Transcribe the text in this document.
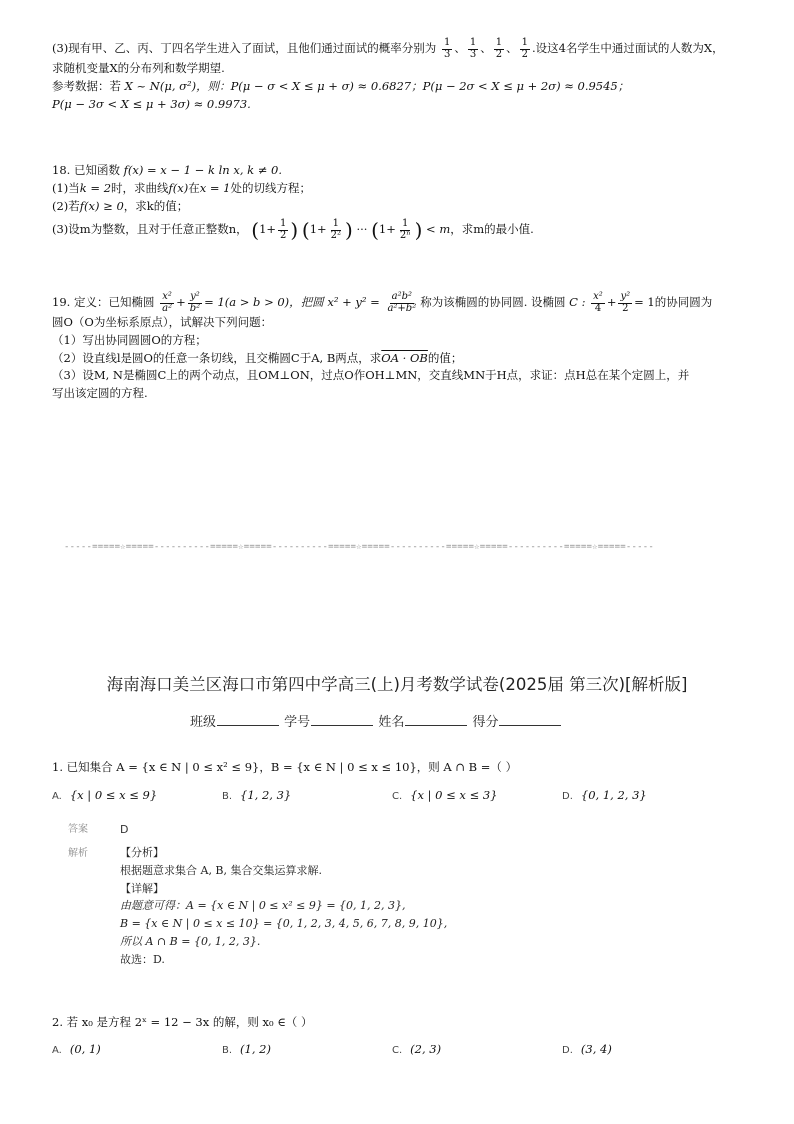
(3)现有甲、乙、丙、丁四名学生进入了面试，且他们通过面试的概率分别为 $\frac{1}{3}$ 、 $\frac{1}{3}$ 、 $\frac{1}{2}$ 、 $\frac{1}{2}$ .设这4名学生中通过面试的人数为X，
求随机变量X的分布列和数学期望.
参考数据：若 X ~ N(μ, σ²)，则：P(μ − σ < X ≤ μ + σ) ≈ 0.6827；P(μ − 2σ < X ≤ μ + 2σ) ≈ 0.9545；
P(μ − 3σ < X ≤ μ + 3σ) ≈ 0.9973.
18. 已知函数 f(x) = x − 1 − k ln x, k ≠ 0.
(1)当k = 2时，求曲线f(x)在x = 1处的切线方程；
(2)若f(x) ≥ 0，求k的值；
(3)设m为整数，且对于任意正整数n， ($1+ \frac{1}{2}$ ) ($1+ \frac{1}{\text{2²}}$ ) ··· ($1+ \frac{1}{\text{2ⁿ}}$ ) < m，求m的最小值.
19. 定义：已知椭圆 $\frac{\text{x²}}{\text{a²}} + \frac{\text{y²}}{\text{b²}} = 1(a > b > 0)$，把圆 $x^2 + y^2 = \frac{\text{a²b²}}{\text{a²+b²}}$ 称为该椭圆的协同圆. 设椭圆 C : $\frac{\text{x²}}{4} + \frac{\text{y²}}{2} = 1$的协同圆为
圆O（O为坐标系原点），试解决下列问题：
（1）写出协同圆圆O的方程；
（2）设直线l是圆O的任意一条切线，且交椭圆C于A, B两点，求OA · OB的值；
（3）设M, N是椭圆C上的两个动点，且OM⊥ON，过点O作OH⊥MN，交直线MN于H点，求证：点H总在某个定圆上，并
写出该定圆的方程.
-----=====☆=====----------=====☆=====----------=====☆=====----------=====☆=====----------=====☆=====-----
海南海口美兰区海口市第四中学高三(上)月考数学试卷(2025届 第三次)[解析版]
班级	学号	姓名	得分
1. 已知集合 A = {x ∈ N | 0 ≤ x² ≤ 9}，B = {x ∈ N | 0 ≤ x ≤ 10}，则 A ∩ B =（ ）
A. {x | 0 ≤ x ≤ 9}	B. {1, 2, 3}	C. {x | 0 ≤ x ≤ 3}	D. {0, 1, 2, 3}
答案	D
解析	【分析】
根据题意求集合 A, B, 集合交集运算求解.
【详解】
由题意可得：A = {x ∈ N | 0 ≤ x² ≤ 9} = {0, 1, 2, 3},
B = {x ∈ N | 0 ≤ x ≤ 10} = {0, 1, 2, 3, 4, 5, 6, 7, 8, 9, 10},
所以 A ∩ B = {0, 1, 2, 3}.
故选：D.
2. 若 x₀ 是方程 2ˣ = 12 − 3x 的解，则 x₀ ∈（ ）
A. (0, 1)	B. (1, 2)	C. (2, 3)	D. (3, 4)
